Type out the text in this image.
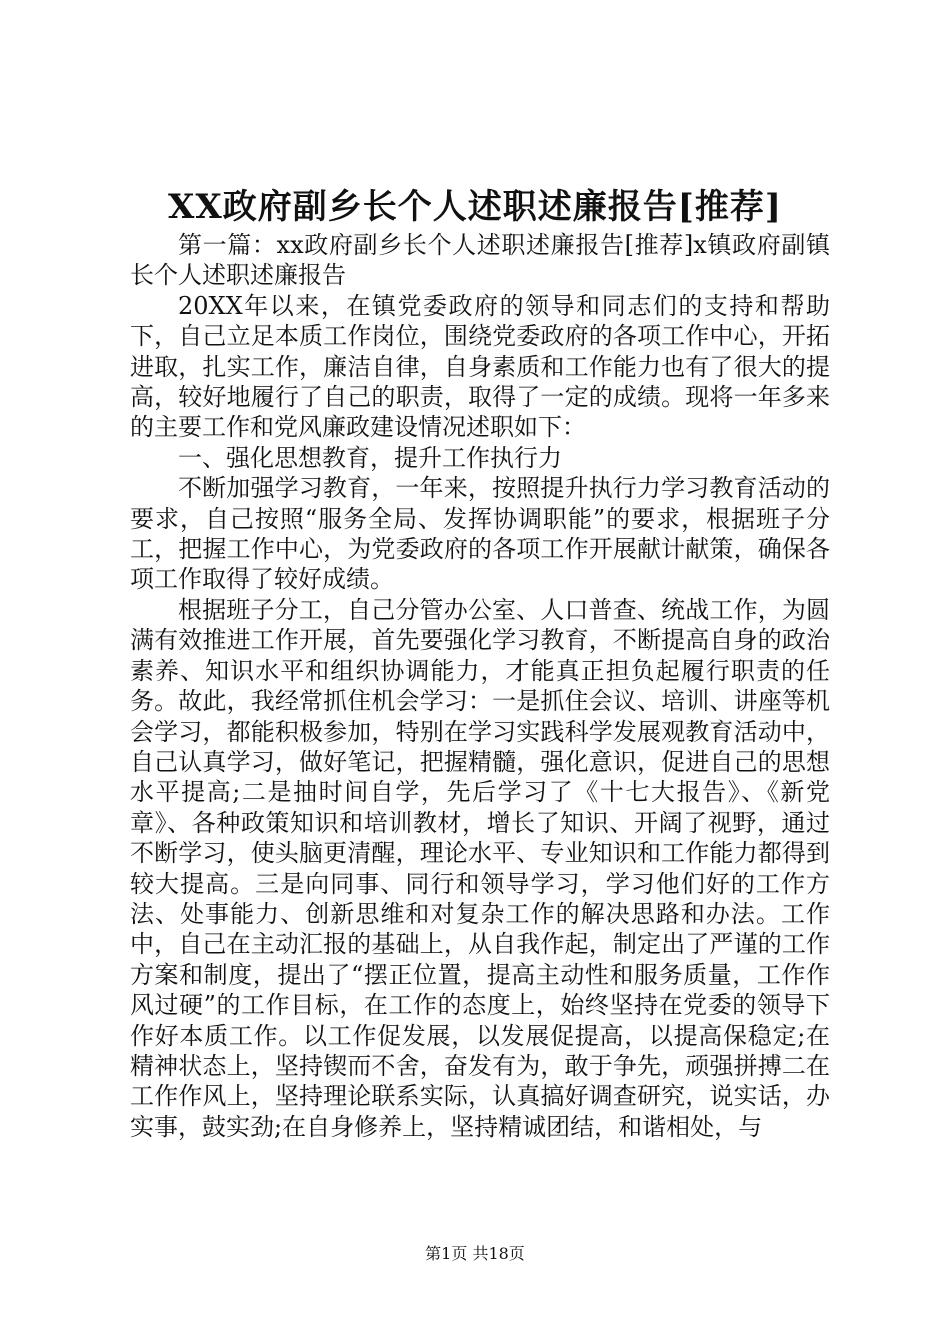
XX政府副乡长个人述职述廉报告[推荐]

第一篇：xx政府副乡长个人述职述廉报告[推荐]x镇政府副镇长个人述职述廉报告

20XX年以来，在镇党委政府的领导和同志们的支持和帮助下，自己立足本质工作岗位，围绕党委政府的各项工作中心，开拓进取，扎实工作，廉洁自律，自身素质和工作能力也有了很大的提高，较好地履行了自己的职责，取得了一定的成绩。现将一年多来的主要工作和党风廉政建设情况述职如下：

一、强化思想教育，提升工作执行力

不断加强学习教育，一年来，按照提升执行力学习教育活动的要求，自己按照“服务全局、发挥协调职能”的要求，根据班子分工，把握工作中心，为党委政府的各项工作开展献计献策，确保各项工作取得了较好成绩。

根据班子分工，自己分管办公室、人口普查、统战工作，为圆满有效推进工作开展，首先要强化学习教育，不断提高自身的政治素养、知识水平和组织协调能力，才能真正担负起履行职责的任务。故此，我经常抓住机会学习：一是抓住会议、培训、讲座等机会学习，都能积极参加，特别在学习实践科学发展观教育活动中，自己认真学习，做好笔记，把握精髓，强化意识，促进自己的思想水平提高;二是抽时间自学，先后学习了《十七大报告》、《新党章》、各种政策知识和培训教材，增长了知识、开阔了视野，通过不断学习，使头脑更清醒，理论水平、专业知识和工作能力都得到较大提高。三是向同事、同行和领导学习，学习他们好的工作方法、处事能力、创新思维和对复杂工作的解决思路和办法。工作中，自己在主动汇报的基础上，从自我作起，制定出了严谨的工作方案和制度，提出了“摆正位置，提高主动性和服务质量，工作作风过硬”的工作目标，在工作的态度上，始终坚持在党委的领导下作好本质工作。以工作促发展，以发展促提高，以提高保稳定;在精神状态上，坚持锲而不舍，奋发有为，敢于争先，顽强拼搏二在工作作风上，坚持理论联系实际，认真搞好调查研究，说实话，办实事，鼓实劲;在自身修养上，坚持精诚团结，和谐相处，与

第1页 共18页
